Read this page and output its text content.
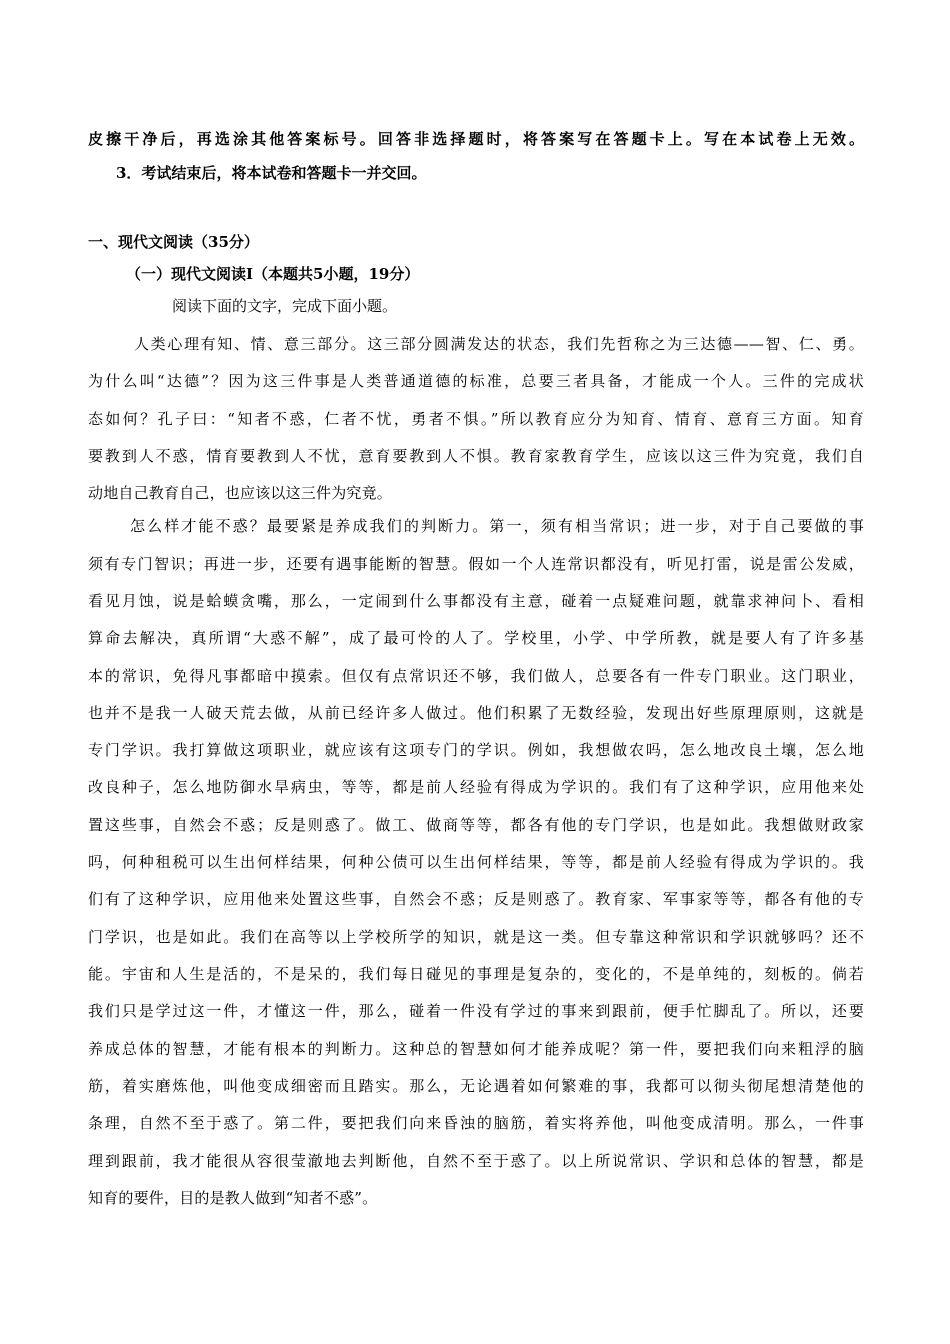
皮擦干净后，再选涂其他答案标号。回答非选择题时，将答案写在答题卡上。写在本试卷上无效。
3．考试结束后，将本试卷和答题卡一并交回。
一、现代文阅读（35分）
（一）现代文阅读Ⅰ（本题共5小题，19分）
阅读下面的文字，完成下面小题。
人类心理有知、情、意三部分。这三部分圆满发达的状态，我们先哲称之为三达德——智、仁、勇。
为什么叫“达德”？因为这三件事是人类普通道德的标准，总要三者具备，才能成一个人。三件的完成状
态如何？孔子曰：“知者不惑，仁者不忧，勇者不惧。”所以教育应分为知育、情育、意育三方面。知育
要教到人不惑，情育要教到人不忧，意育要教到人不惧。教育家教育学生，应该以这三件为究竟，我们自
动地自己教育自己，也应该以这三件为究竟。
怎么样才能不惑？最要紧是养成我们的判断力。第一，须有相当常识；进一步，对于自己要做的事
须有专门智识；再进一步，还要有遇事能断的智慧。假如一个人连常识都没有，听见打雷，说是雷公发威，
看见月蚀，说是蛤蟆贪嘴，那么，一定闹到什么事都没有主意，碰着一点疑难问题，就靠求神问卜、看相
算命去解决，真所谓“大惑不解”，成了最可怜的人了。学校里，小学、中学所教，就是要人有了许多基
本的常识，免得凡事都暗中摸索。但仅有点常识还不够，我们做人，总要各有一件专门职业。这门职业，
也并不是我一人破天荒去做，从前已经许多人做过。他们积累了无数经验，发现出好些原理原则，这就是
专门学识。我打算做这项职业，就应该有这项专门的学识。例如，我想做农吗，怎么地改良土壤，怎么地
改良种子，怎么地防御水旱病虫，等等，都是前人经验有得成为学识的。我们有了这种学识，应用他来处
置这些事，自然会不惑；反是则惑了。做工、做商等等，都各有他的专门学识，也是如此。我想做财政家
吗，何种租税可以生出何样结果，何种公债可以生出何样结果，等等，都是前人经验有得成为学识的。我
们有了这种学识，应用他来处置这些事，自然会不惑；反是则惑了。教育家、军事家等等，都各有他的专
门学识，也是如此。我们在高等以上学校所学的知识，就是这一类。但专靠这种常识和学识就够吗？还不
能。宇宙和人生是活的，不是呆的，我们每日碰见的事理是复杂的，变化的，不是单纯的，刻板的。倘若
我们只是学过这一件，才懂这一件，那么，碰着一件没有学过的事来到跟前，便手忙脚乱了。所以，还要
养成总体的智慧，才能有根本的判断力。这种总的智慧如何才能养成呢？第一件，要把我们向来粗浮的脑
筋，着实磨炼他，叫他变成细密而且踏实。那么，无论遇着如何繁难的事，我都可以彻头彻尾想清楚他的
条理，自然不至于惑了。第二件，要把我们向来昏浊的脑筋，着实将养他，叫他变成清明。那么，一件事
理到跟前，我才能很从容很莹澈地去判断他，自然不至于惑了。以上所说常识、学识和总体的智慧，都是
知育的要件，目的是教人做到“知者不惑”。
